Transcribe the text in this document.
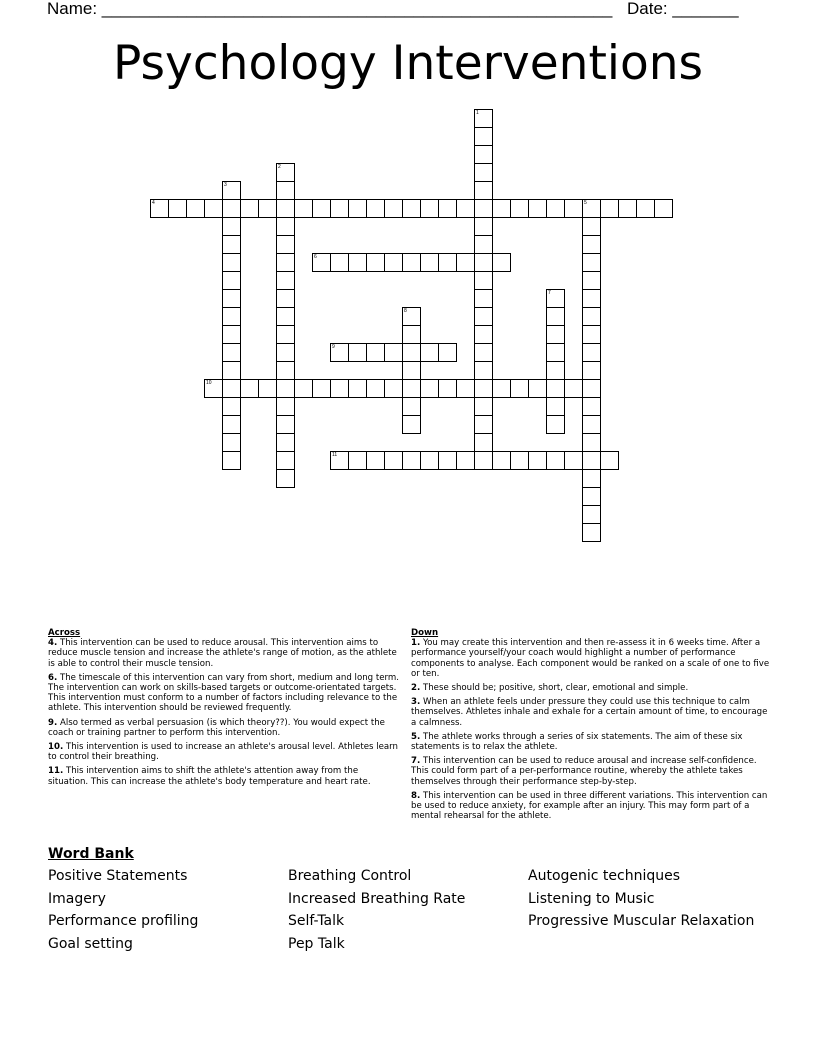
Name: ______________________________________________________ Date: _______
Psychology Interventions
1
2
3
4	5
6
7
8
9
10
11
Across
4. This intervention can be used to reduce arousal. This intervention aims to reduce muscle tension and increase the athlete's range of motion, as the athlete is able to control their muscle tension.
6. The timescale of this intervention can vary from short, medium and long term. The intervention can work on skills-based targets or outcome-orientated targets. This intervention must conform to a number of factors including relevance to the athlete. This intervention should be reviewed frequently.
9. Also termed as verbal persuasion (is which theory??). You would expect the coach or training partner to perform this intervention.
10. This intervention is used to increase an athlete's arousal level. Athletes learn to control their breathing.
11. This intervention aims to shift the athlete's attention away from the situation. This can increase the athlete's body temperature and heart rate.
Down
1. You may create this intervention and then re-assess it in 6 weeks time. After a performance yourself/your coach would highlight a number of performance components to analyse. Each component would be ranked on a scale of one to five or ten.
2. These should be; positive, short, clear, emotional and simple.
3. When an athlete feels under pressure they could use this technique to calm themselves. Athletes inhale and exhale for a certain amount of time, to encourage a calmness.
5. The athlete works through a series of six statements. The aim of these six statements is to relax the athlete.
7. This intervention can be used to reduce arousal and increase self-confidence. This could form part of a per-performance routine, whereby the athlete takes themselves through their performance step-by-step.
8. This intervention can be used in three different variations. This intervention can be used to reduce anxiety, for example after an injury. This may form part of a mental rehearsal for the athlete.
Word Bank
Positive Statements	Breathing Control	Autogenic techniques
Imagery	Increased Breathing Rate	Listening to Music
Performance profiling	Self-Talk	Progressive Muscular Relaxation
Goal setting	Pep Talk
